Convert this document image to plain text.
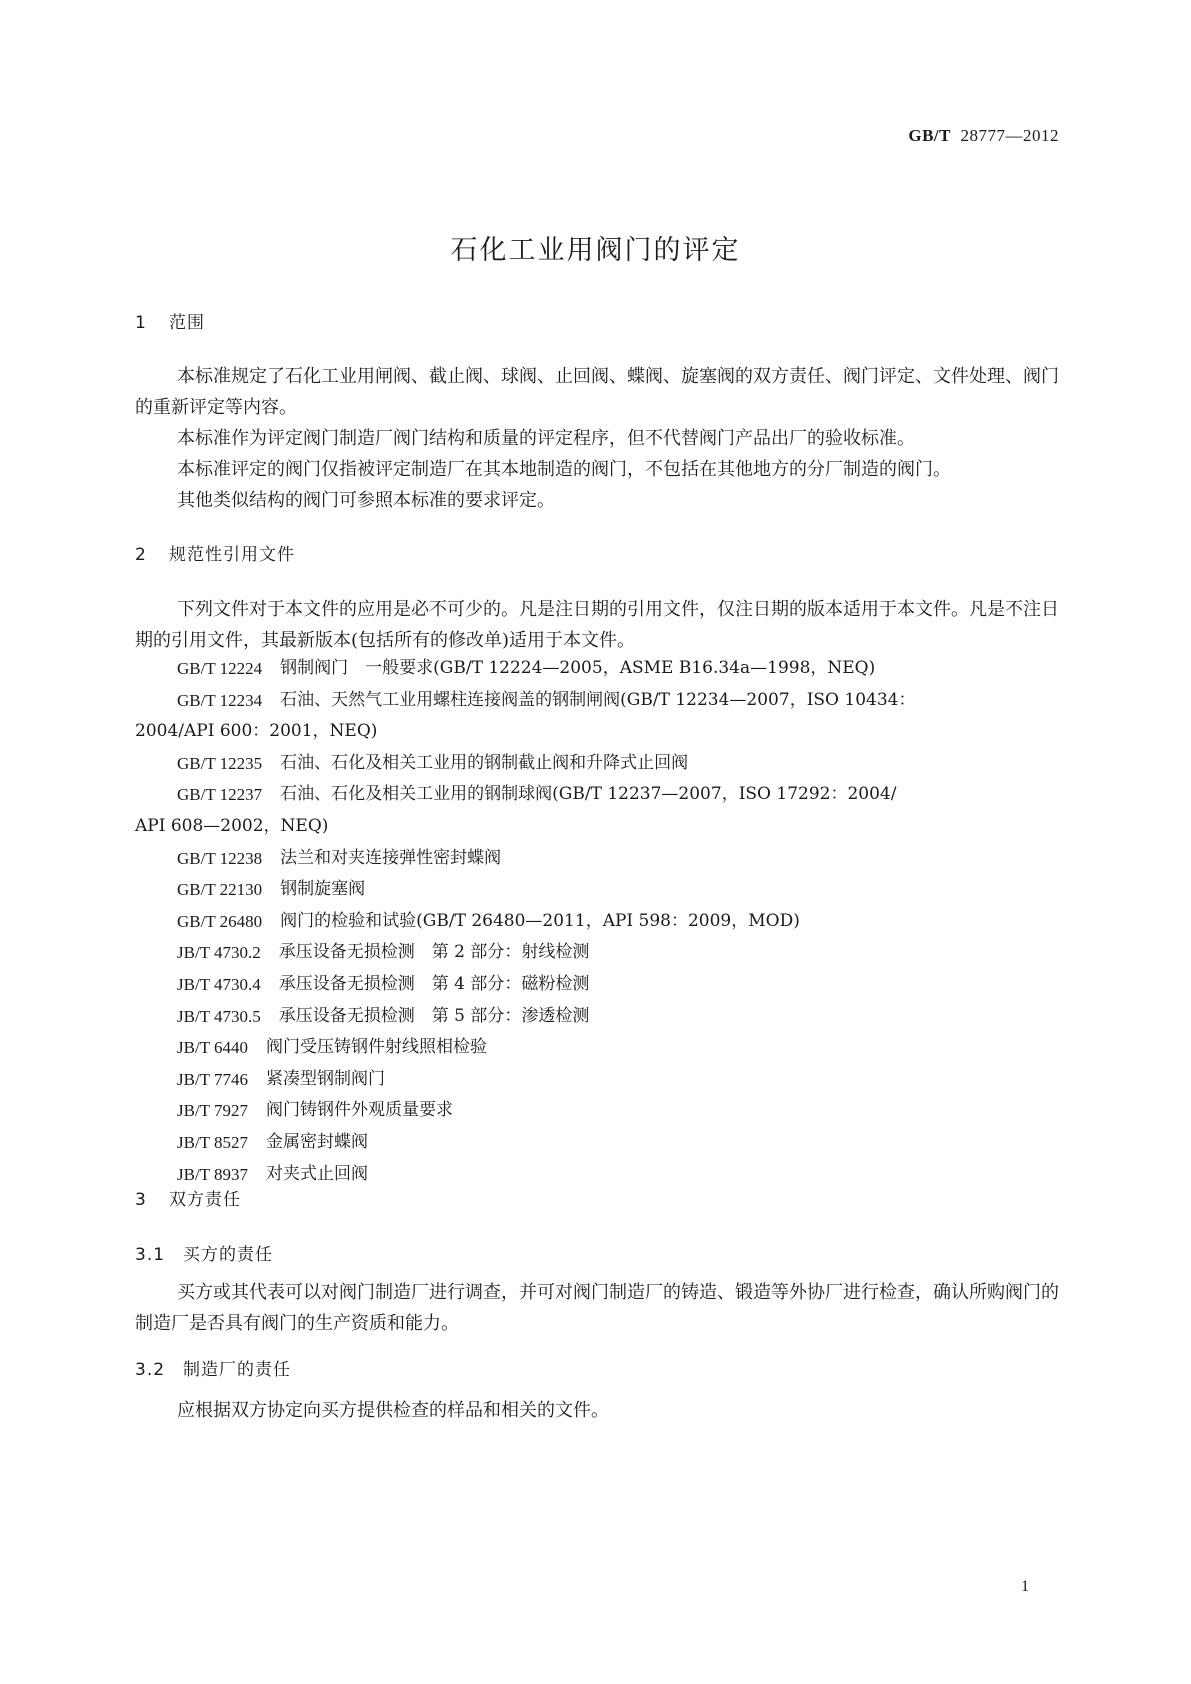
GB/T 28777—2012
石化工业用阀门的评定
1 范围

本标准规定了石化工业用闸阀、截止阀、球阀、止回阀、蝶阀、旋塞阀的双方责任、阀门评定、文件处理、阀门的重新评定等内容。

本标准作为评定阀门制造厂阀门结构和质量的评定程序，但不代替阀门产品出厂的验收标准。

本标准评定的阀门仅指被评定制造厂在其本地制造的阀门，不包括在其他地方的分厂制造的阀门。

其他类似结构的阀门可参照本标准的要求评定。

2 规范性引用文件

下列文件对于本文件的应用是必不可少的。凡是注日期的引用文件，仅注日期的版本适用于本文件。凡是不注日期的引用文件，其最新版本(包括所有的修改单)适用于本文件。

GB/T 12224	钢制阀门　一般要求(GB/T 12224—2005，ASME B16.34a—1998，NEQ)
GB/T 12234	石油、天然气工业用螺柱连接阀盖的钢制闸阀(GB/T 12234—2007，ISO 10434：
2004/API 600：2001，NEQ)
GB/T 12235	石油、石化及相关工业用的钢制截止阀和升降式止回阀
GB/T 12237	石油、石化及相关工业用的钢制球阀(GB/T 12237—2007，ISO 17292：2004/
API 608—2002，NEQ)
GB/T 12238	法兰和对夹连接弹性密封蝶阀
GB/T 22130	钢制旋塞阀
GB/T 26480	阀门的检验和试验(GB/T 26480—2011，API 598：2009，MOD)
JB/T 4730.2	承压设备无损检测　第 2 部分：射线检测
JB/T 4730.4	承压设备无损检测　第 4 部分：磁粉检测
JB/T 4730.5	承压设备无损检测　第 5 部分：渗透检测
JB/T 6440	阀门受压铸钢件射线照相检验
JB/T 7746	紧凑型钢制阀门
JB/T 7927	阀门铸钢件外观质量要求
JB/T 8527	金属密封蝶阀
JB/T 8937	对夹式止回阀
3 双方责任
3.1 买方的责任

买方或其代表可以对阀门制造厂进行调查，并可对阀门制造厂的铸造、锻造等外协厂进行检查，确认所购阀门的制造厂是否具有阀门的生产资质和能力。

3.2 制造厂的责任

应根据双方协定向买方提供检查的样品和相关的文件。

1
